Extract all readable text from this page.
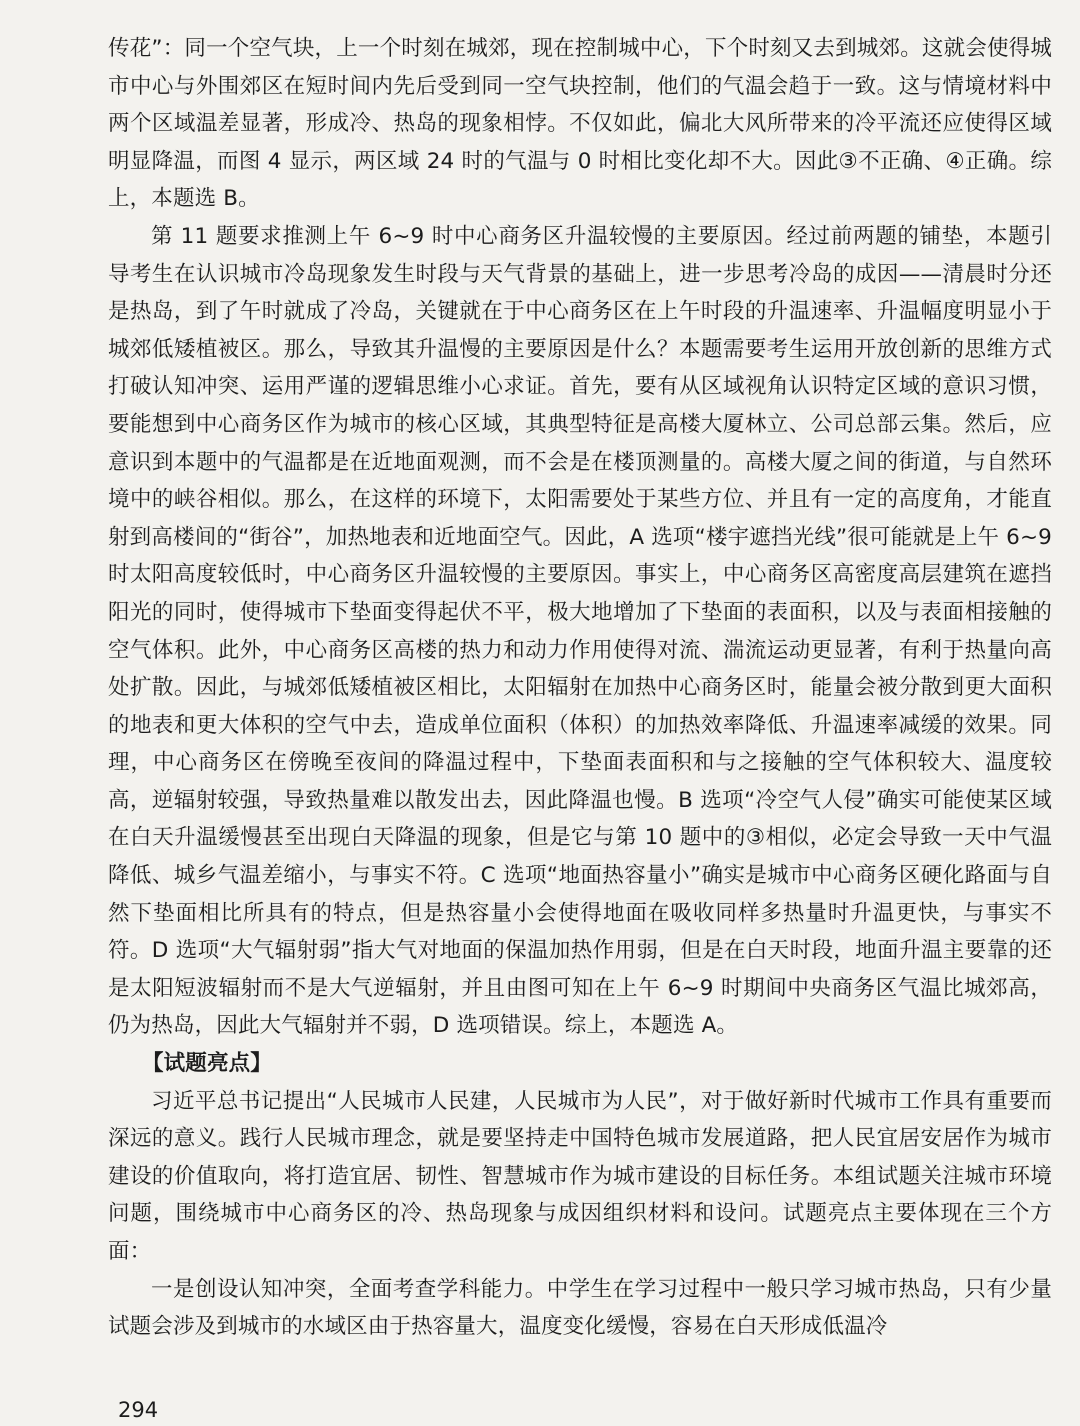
传花”：同一个空气块，上一个时刻在城郊，现在控制城中心，下个时刻又去到城郊。这就会使得城市中心与外围郊区在短时间内先后受到同一空气块控制，他们的气温会趋于一致。这与情境材料中两个区域温差显著，形成冷、热岛的现象相悖。不仅如此，偏北大风所带来的冷平流还应使得区域明显降温，而图 4 显示，两区域 24 时的气温与 0 时相比变化却不大。因此③不正确、④正确。综上，本题选 B。

第 11 题要求推测上午 6~9 时中心商务区升温较慢的主要原因。经过前两题的铺垫，本题引导考生在认识城市冷岛现象发生时段与天气背景的基础上，进一步思考冷岛的成因——清晨时分还是热岛，到了午时就成了冷岛，关键就在于中心商务区在上午时段的升温速率、升温幅度明显小于城郊低矮植被区。那么，导致其升温慢的主要原因是什么？本题需要考生运用开放创新的思维方式打破认知冲突、运用严谨的逻辑思维小心求证。首先，要有从区域视角认识特定区域的意识习惯，要能想到中心商务区作为城市的核心区域，其典型特征是高楼大厦林立、公司总部云集。然后，应意识到本题中的气温都是在近地面观测，而不会是在楼顶测量的。高楼大厦之间的街道，与自然环境中的峡谷相似。那么，在这样的环境下，太阳需要处于某些方位、并且有一定的高度角，才能直射到高楼间的“街谷”，加热地表和近地面空气。因此，A 选项“楼宇遮挡光线”很可能就是上午 6~9 时太阳高度较低时，中心商务区升温较慢的主要原因。事实上，中心商务区高密度高层建筑在遮挡阳光的同时，使得城市下垫面变得起伏不平，极大地增加了下垫面的表面积，以及与表面相接触的空气体积。此外，中心商务区高楼的热力和动力作用使得对流、湍流运动更显著，有利于热量向高处扩散。因此，与城郊低矮植被区相比，太阳辐射在加热中心商务区时，能量会被分散到更大面积的地表和更大体积的空气中去，造成单位面积（体积）的加热效率降低、升温速率减缓的效果。同理，中心商务区在傍晚至夜间的降温过程中，下垫面表面积和与之接触的空气体积较大、温度较高，逆辐射较强，导致热量难以散发出去，因此降温也慢。B 选项“冷空气人侵”确实可能使某区域在白天升温缓慢甚至出现白天降温的现象，但是它与第 10 题中的③相似，必定会导致一天中气温降低、城乡气温差缩小，与事实不符。C 选项“地面热容量小”确实是城市中心商务区硬化路面与自然下垫面相比所具有的特点，但是热容量小会使得地面在吸收同样多热量时升温更快，与事实不符。D 选项“大气辐射弱”指大气对地面的保温加热作用弱，但是在白天时段，地面升温主要靠的还是太阳短波辐射而不是大气逆辐射，并且由图可知在上午 6~9 时期间中央商务区气温比城郊高，仍为热岛，因此大气辐射并不弱，D 选项错误。综上，本题选 A。

【试题亮点】

习近平总书记提出“人民城市人民建，人民城市为人民”，对于做好新时代城市工作具有重要而深远的意义。践行人民城市理念，就是要坚持走中国特色城市发展道路，把人民宜居安居作为城市建设的价值取向，将打造宜居、韧性、智慧城市作为城市建设的目标任务。本组试题关注城市环境问题，围绕城市中心商务区的冷、热岛现象与成因组织材料和设问。试题亮点主要体现在三个方面：

一是创设认知冲突，全面考查学科能力。中学生在学习过程中一般只学习城市热岛，只有少量试题会涉及到城市的水域区由于热容量大，温度变化缓慢，容易在白天形成低温冷

294
